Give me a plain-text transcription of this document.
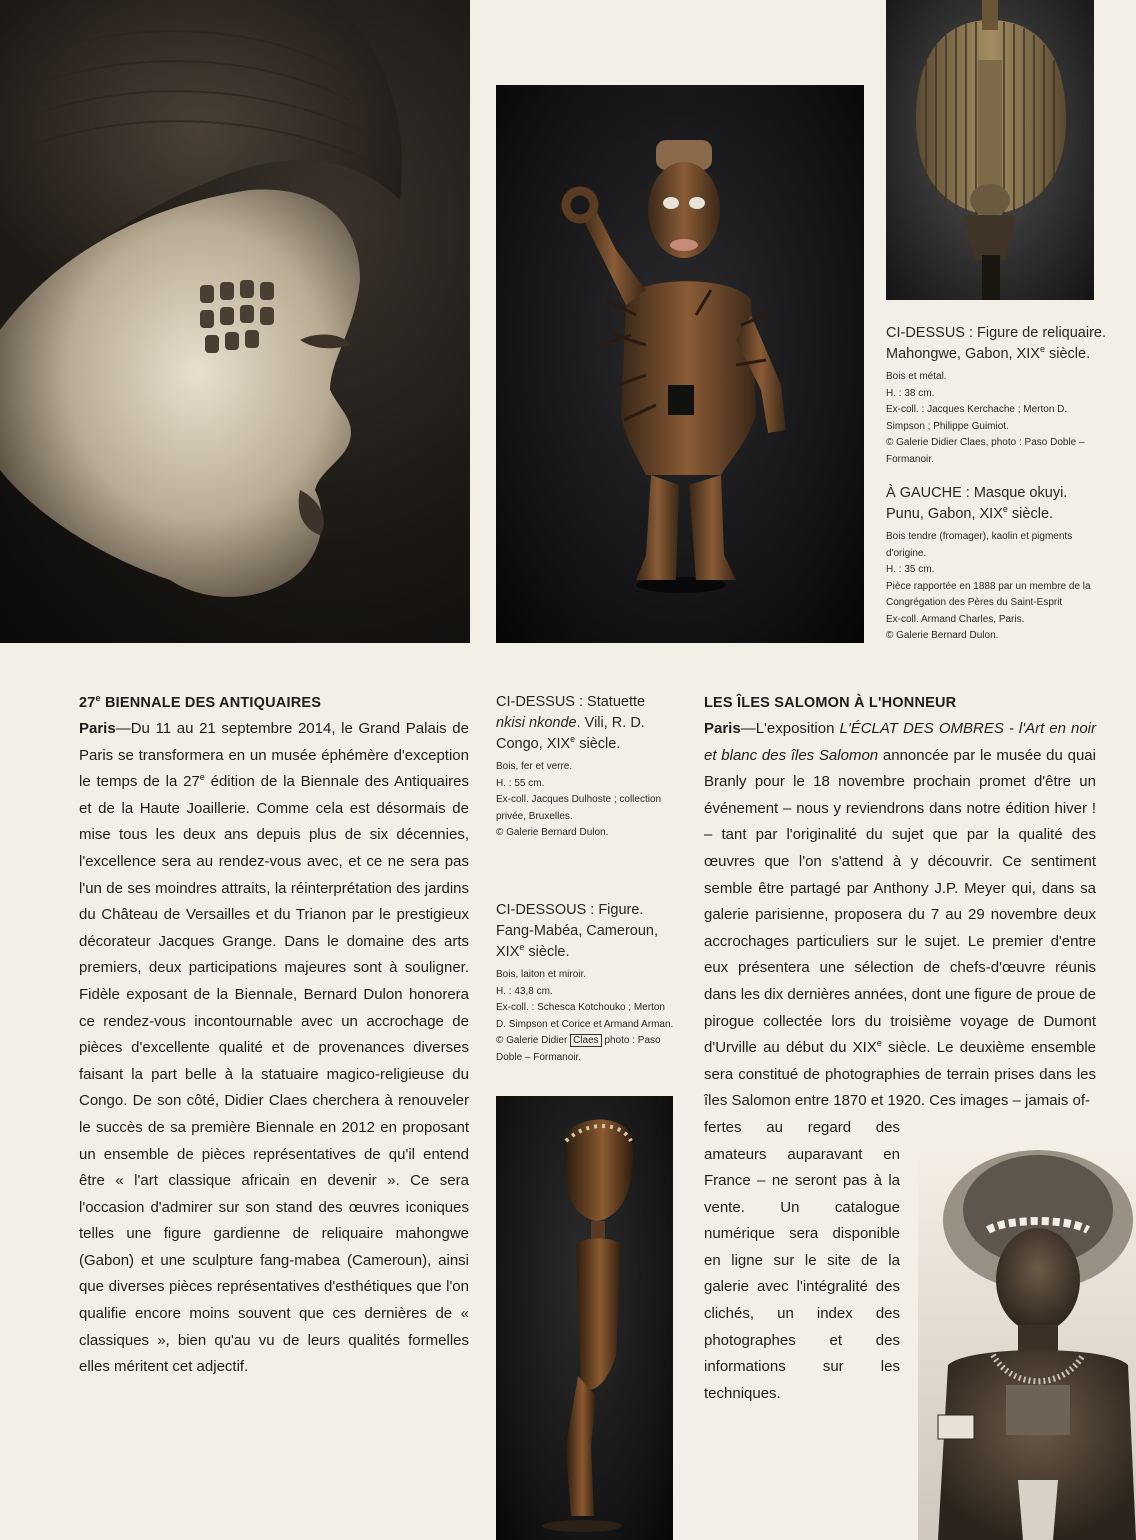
CI-DESSUS : Figure de reliquaire.
Mahongwe, Gabon, XIXe siècle.
Bois et métal.
H. : 38 cm.
Ex-coll. : Jacques Kerchache ; Merton D. Simpson ; Philippe Guimiot.
© Galerie Didier Claes, photo : Paso Doble – Formanoir.
À GAUCHE : Masque okuyi.
Punu, Gabon, XIXe siècle.
Bois tendre (fromager), kaolin et pigments d'origine.
H. : 35 cm.
Pièce rapportée en 1888 par un membre de la Congrégation des Pères du Saint-Esprit
Ex-coll. Armand Charles, Paris.
© Galerie Bernard Dulon.
CI-DESSUS : Statuette nkisi nkonde. Vili, R. D. Congo, XIXe siècle.
Bois, fer et verre.
H. : 55 cm.
Ex-coll. Jacques Dulhoste ; collection privée, Bruxelles.
© Galerie Bernard Dulon.
CI-DESSOUS : Figure. Fang-Mabéa, Cameroun,
XIXe siècle.
Bois, laiton et miroir.
H. : 43,8 cm.
Ex-coll. : Schesca Kotchouko ; Merton D. Simpson et Corice et Armand Arman.
© Galerie Didier Claes photo : Paso Doble – Formanoir.
27e BIENNALE DES ANTIQUAIRES

Paris—Du 11 au 21 septembre 2014, le Grand Palais de Paris se transformera en un musée éphémère d'exception le temps de la 27e édition de la Biennale des Antiquaires et de la Haute Joaillerie. Comme cela est désormais de mise tous les deux ans depuis plus de six décennies, l'excellence sera au rendez-vous avec, et ce ne sera pas l'un de ses moindres attraits, la réinterprétation des jardins du Château de Versailles et du Trianon par le prestigieux décorateur Jacques Grange. Dans le domaine des arts premiers, deux participations majeures sont à souligner. Fidèle exposant de la Biennale, Bernard Dulon honorera ce rendez-vous incontournable avec un accrochage de pièces d'excellente qualité et de provenances diverses faisant la part belle à la statuaire magico-religieuse du Congo. De son côté, Didier Claes cherchera à renouveler le succès de sa première Biennale en 2012 en proposant un ensemble de pièces représentatives de qu'il entend être « l'art classique africain en devenir ». Ce sera l'occasion d'admirer sur son stand des œuvres iconiques telles une figure gardienne de reliquaire mahongwe (Gabon) et une sculpture fang-mabea (Cameroun), ainsi que diverses pièces représentatives d'esthétiques que l'on qualifie encore moins souvent que ces dernières de « classiques », bien qu'au vu de leurs qualités formelles elles méritent cet adjectif.

LES ÎLES SALOMON À L'HONNEUR

Paris—L'exposition L'ÉCLAT DES OMBRES - l'Art en noir et blanc des îles Salomon annoncée par le musée du quai Branly pour le 18 novembre prochain promet d'être un événement – nous y reviendrons dans notre édition hiver ! – tant par l'originalité du sujet que par la qualité des œuvres que l'on s'attend à y découvrir. Ce sentiment semble être partagé par Anthony J.P. Meyer qui, dans sa galerie parisienne, proposera du 7 au 29 novembre deux accrochages particuliers sur le sujet. Le premier d'entre eux présentera une sélection de chefs-d'œuvre réunis dans les dix dernières années, dont une figure de proue de pirogue collectée lors du troisième voyage de Dumont d'Urville au début du XIXe siècle. Le deuxième ensemble sera constitué de photographies de terrain prises dans les îles Salomon entre 1870 et 1920. Ces images – jamais of-

fertes au regard des amateurs auparavant en France – ne seront pas à la vente. Un catalogue numérique sera disponible en ligne sur le site de la galerie avec l'intégralité des clichés, un index des photographes et des informations sur les techniques.
